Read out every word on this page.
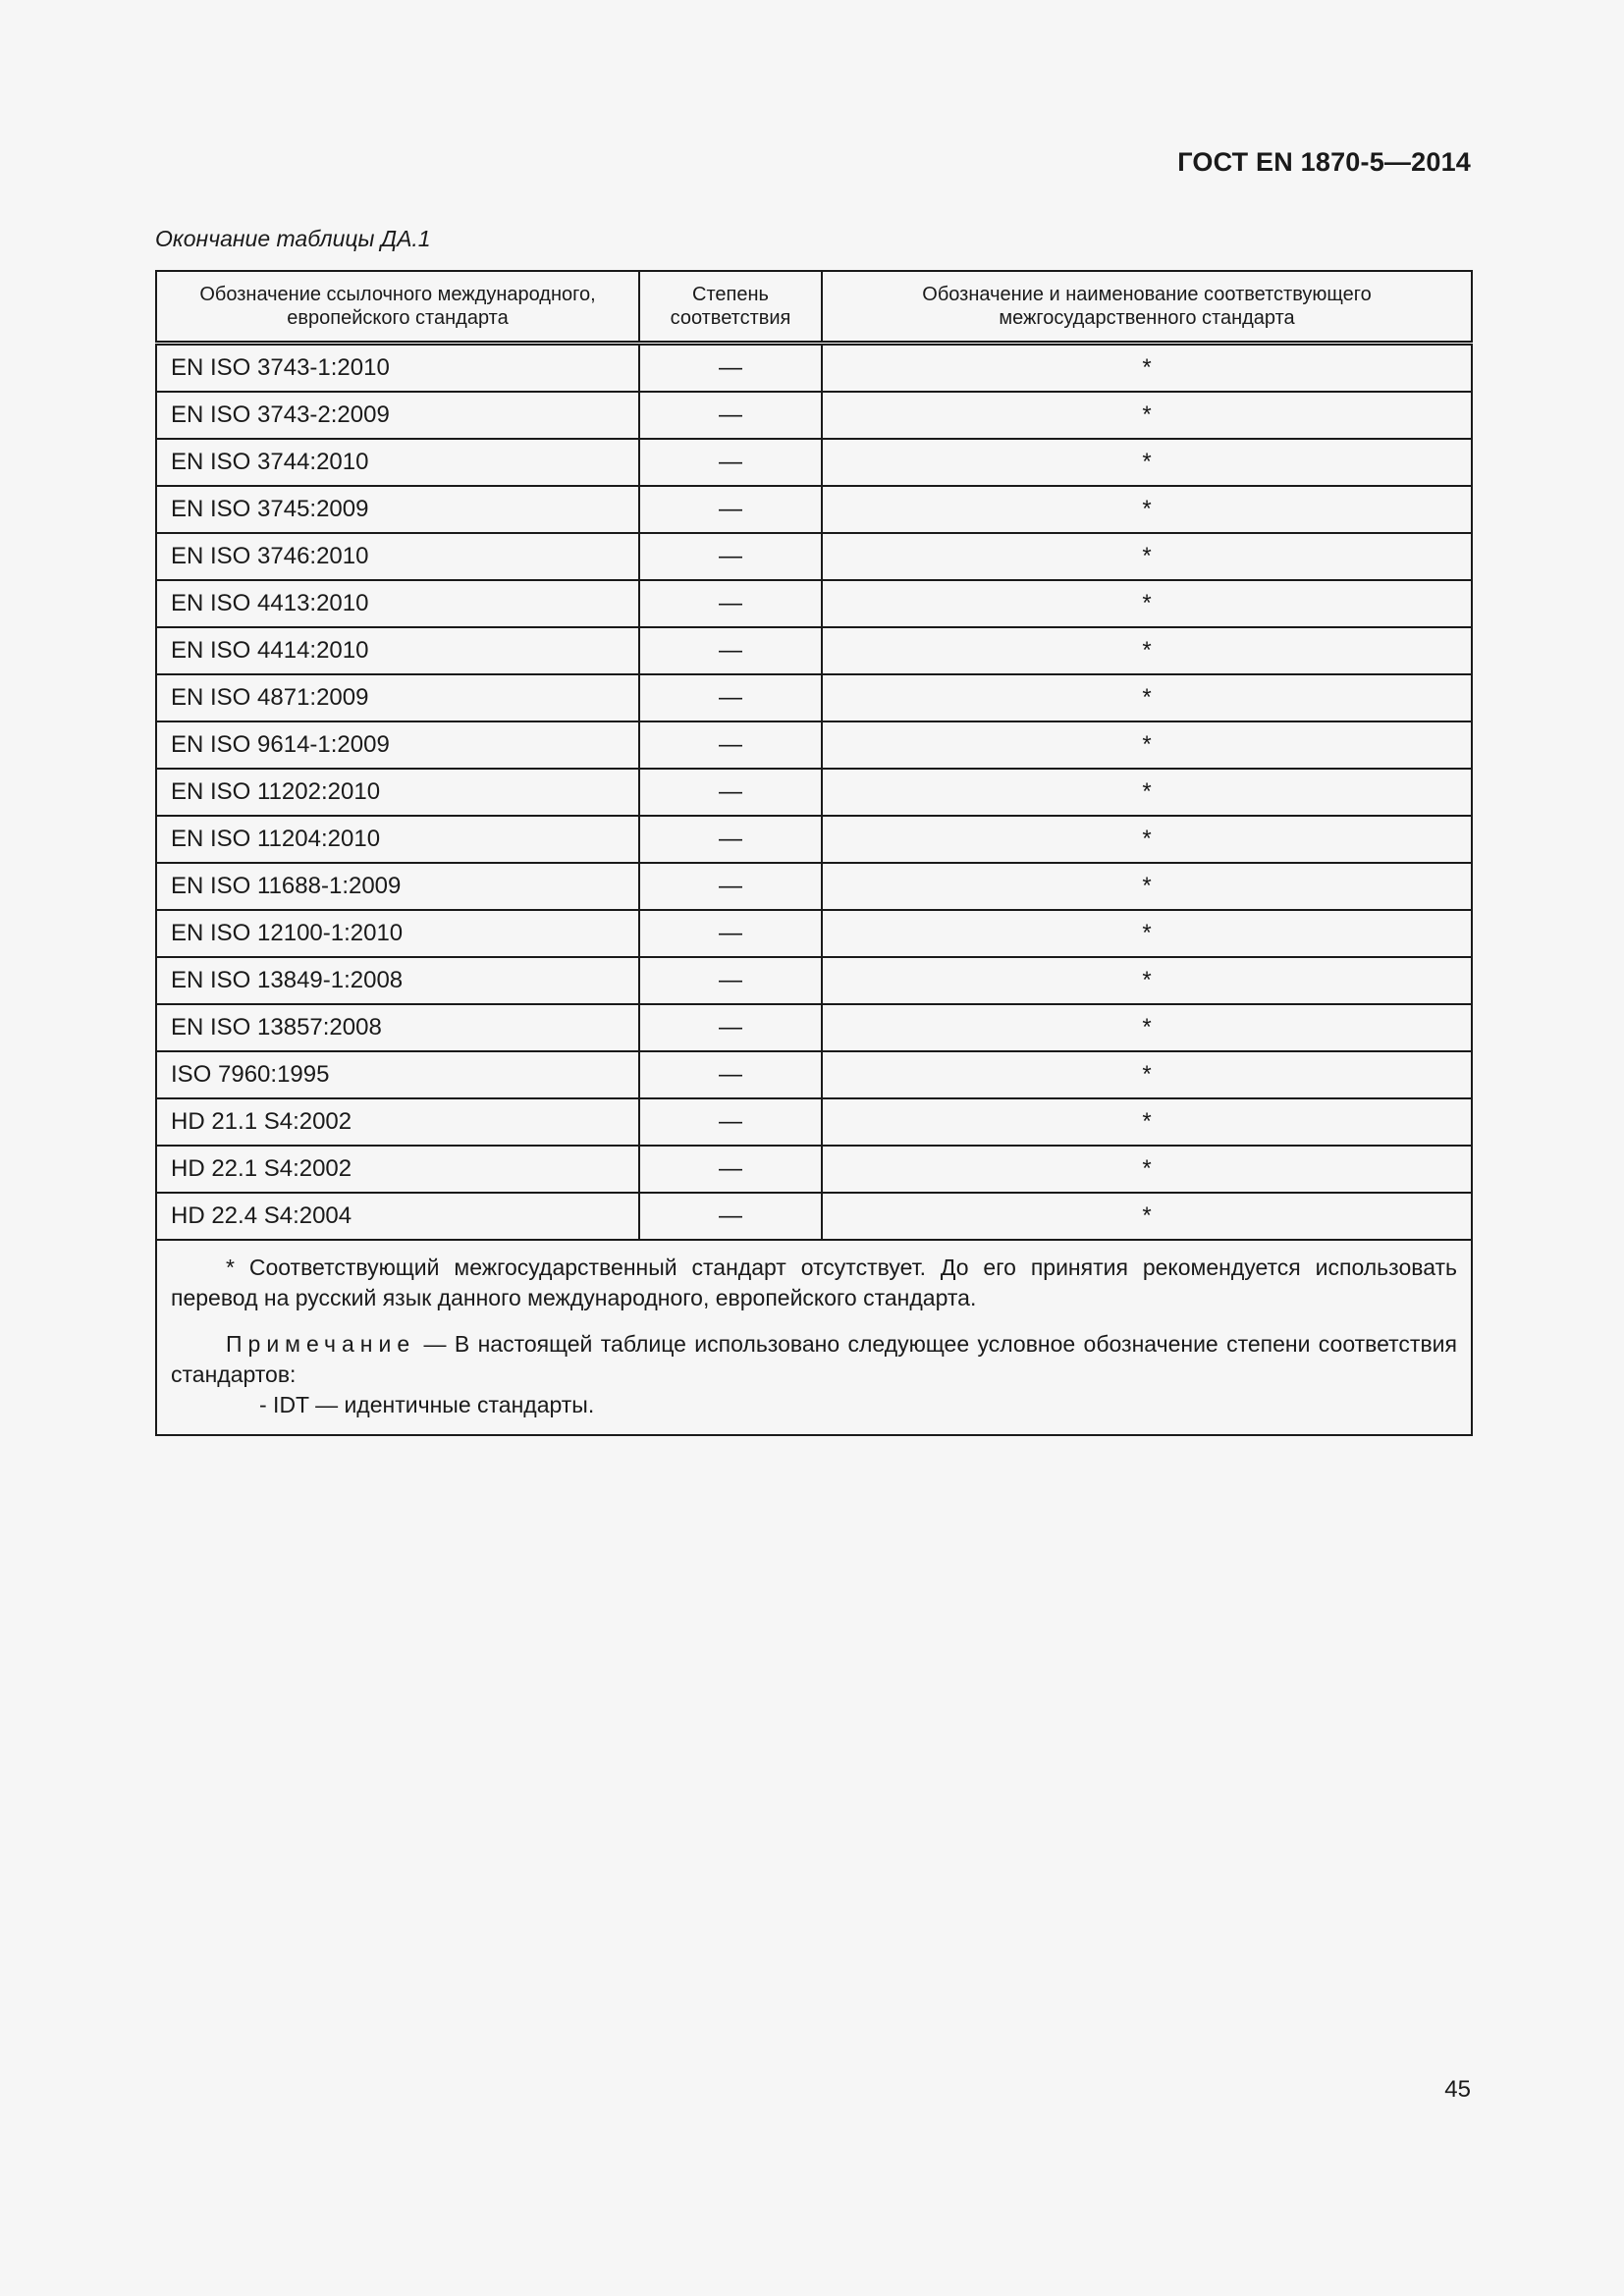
ГОСТ EN 1870-5—2014
Окончание таблицы ДА.1
Обозначение ссылочного международного, европейского стандарта	Степень соответствия	Обозначение и наименование соответствующего межгосударственного стандарта
EN ISO 3743-1:2010	—	*
EN ISO 3743-2:2009	—	*
EN ISO 3744:2010	—	*
EN ISO 3745:2009	—	*
EN ISO 3746:2010	—	*
EN ISO 4413:2010	—	*
EN ISO 4414:2010	—	*
EN ISO 4871:2009	—	*
EN ISO 9614-1:2009	—	*
EN ISO 11202:2010	—	*
EN ISO 11204:2010	—	*
EN ISO 11688-1:2009	—	*
EN ISO 12100-1:2010	—	*
EN ISO 13849-1:2008	—	*
EN ISO 13857:2008	—	*
ISO 7960:1995	—	*
HD 21.1 S4:2002	—	*
HD 22.1 S4:2002	—	*
HD 22.4 S4:2004	—	*

* Соответствующий межгосударственный стандарт отсутствует. До его принятия рекомендуется использовать перевод на русский язык данного международного, европейского стандарта.

Примечание — В настоящей таблице использовано следующее условное обозначение степени соответствия стандартов:

- IDT — идентичные стандарты.		

45
